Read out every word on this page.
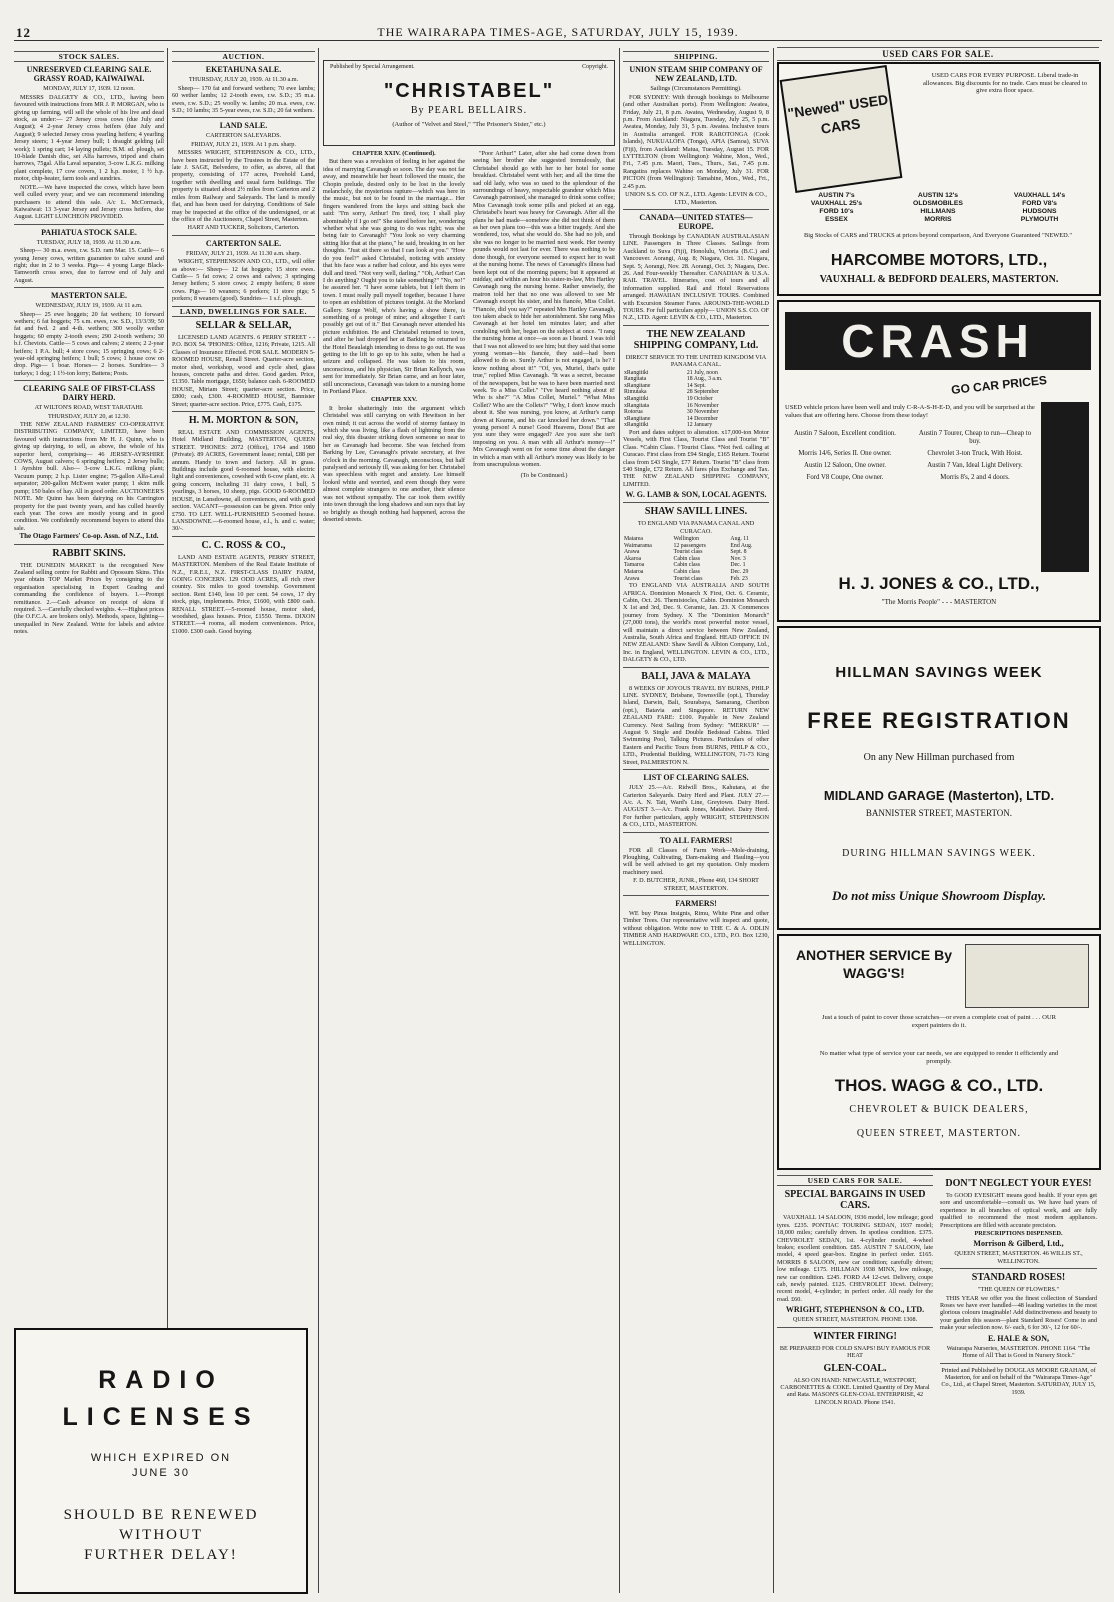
12	THE WAIRARAPA TIMES-AGE, SATURDAY, JULY 15, 1939.
STOCK SALES.
UNRESERVED CLEARING SALE. GRASSY ROAD, KAIWAIWAI.
MONDAY, JULY 17, 1939. 12 noon.

MESSRS DALGETY & CO., LTD., having been favoured with instructions from MR J. P. MORGAN, who is giving up farming, will sell the whole of his live and dead stock, as under:— 27 Jersey cross cows (due July and August); 4 2-year Jersey cross heifers (due July and August); 9 selected Jersey cross yearling heifers; 4 yearling Jersey steers; 1 4-year Jersey bull; 1 draught gelding (all work); 1 spring cart; 14 laying pullets; B.M. sd. plough, set 10-blade Danish disc, set Alfa harrows, tripod and chain harrows, 75gal. Alfa Laval separator, 3-cow L.K.G. milking plant complete, 17 cow covers, 1 2 h.p. motor, 1 ½ h.p. motor, chip-heater, farm tools and sundries.

NOTE.—We have inspected the cows, which have been well culled every year; and we can recommend intending purchasers to attend this sale. A/c L. McCormack, Kaiwaiwai: 13 3-year Jersey and Jersey cross heifers, due August. LIGHT LUNCHEON PROVIDED.

PAHIATUA STOCK SALE.
TUESDAY, JULY 18, 1939. At 11.30 a.m.

Sheep— 30 m.a. ewes, r.w. S.D. ram Mar. 15. Cattle— 6 young Jersey cows, written guarantee to calve sound and right; due in 2 to 3 weeks. Pigs— 4 young Large Black-Tamworth cross sows, due to farrow end of July and August.

MASTERTON SALE.
WEDNESDAY, JULY 19, 1939. At 11 a.m.

Sheep— 25 ewe hoggets; 20 fat wethers; 10 forward wethers; 6 fat hoggets; 75 s.m. ewes, r.w. S.D., 13/3/39; 50 fat and fwd. 2 and 4-th. wethers; 300 woolly wether hoggets; 60 empty 2-tooth ewes; 290 2-tooth wethers; 30 b.f. Cheviots. Cattle— 5 cows and calves; 2 steers; 2 2-year heifers; 1 P.A. bull; 4 store cows; 15 springing cows; 6 2-year-old springing heifers; 1 bull; 5 cows; 1 house cow on drop. Pigs— 1 boar. Horses— 2 horses. Sundries— 3 turkeys; 1 dog; 1 1½-ton lorry; Battens; Posts.

CLEARING SALE OF FIRST-CLASS DAIRY HERD.
AT WILTON'S ROAD, WEST TARATAHI.
THURSDAY, JULY 20, at 12.30.

THE NEW ZEALAND FARMERS' CO-OPERATIVE DISTRIBUTING COMPANY, LIMITED, have been favoured with instructions from Mr H. J. Quinn, who is giving up dairying, to sell, as above, the whole of his superior herd, comprising— 46 JERSEY-AYRSHIRE COWS, August calvers; 6 springing heifers; 2 Jersey bulls; 1 Ayrshire bull. Also— 3-cow L.K.G. milking plant; Vacuum pump; 2 h.p. Lister engine; 75-gallon Alfa-Laval separator; 200-gallon McEwen water pump; 1 skim milk pump; 150 bales of hay. All in good order. AUCTIONEER'S NOTE. Mr Quinn has been dairying on his Carrington property for the past twenty years, and has culled heavily each year. The cows are mostly young and in good condition. We confidently recommend buyers to attend this sale.

The Otago Farmers' Co-op. Assn. of N.Z., Ltd.
RABBIT SKINS.

THE DUNEDIN MARKET is the recognised New Zealand selling centre for Rabbit and Opossum Skins. This year obtain TOP Market Prices by consigning to the organisation specialising in Expert Grading and commanding the confidence of buyers. 1.—Prompt remittance. 2.—Cash advance on receipt of skins if required. 3.—Carefully checked weights. 4.—Highest prices (the O.F.C.A. are brokers only). Methods, space, lighting—unequalled in New Zealand. Write for labels and advice notes.

RADIO
LICENSES
WHICH EXPIRED ON
JUNE 30
SHOULD BE RENEWED
WITHOUT
FURTHER DELAY!
AUCTION.
EKETAHUNA SALE.
THURSDAY, JULY 20, 1939. At 11.30 a.m.

Sheep— 170 fat and forward wethers; 70 ewe lambs; 60 wether lambs; 12 2-tooth ewes, r.w. S.D.; 35 m.a. ewes, r.w. S.D.; 25 woolly w. lambs; 20 m.a. ewes, r.w. S.D.; 10 lambs; 35 5-year ewes, r.w. S.D.; 20 fat wethers.

LAND SALE.
CARTERTON SALEYARDS.
FRIDAY, JULY 21, 1939. At 1 p.m. sharp.

MESSRS WRIGHT, STEPHENSON & CO., LTD., have been instructed by the Trustees in the Estate of the late J. SAGE, Belvedere, to offer, as above, all that property, consisting of 177 acres, Freehold Land, together with dwelling and usual farm buildings. The property is situated about 2½ miles from Carterton and 2 miles from Railway and Saleyards. The land is mostly flat, and has been used for dairying. Conditions of Sale may be inspected at the office of the undersigned, or at the office of the Auctioneers, Chapel Street, Masterton.

HART AND TUCKER, Solicitors, Carterton.
CARTERTON SALE.
FRIDAY, JULY 21, 1939. At 11.30 a.m. sharp.

WRIGHT, STEPHENSON AND CO., LTD., will offer as above:— Sheep— 12 fat hoggets; 15 store ewes. Cattle— 5 fat cows; 2 cows and calves; 3 springing Jersey heifers; 5 store cows; 2 empty heifers; 8 store cows. Pigs— 10 weaners; 6 porkers; 11 store pigs; 5 porkers; 8 weaners (good). Sundries— 1 s.f. plough.

LAND, DWELLINGS FOR SALE.
SELLAR & SELLAR,

LICENSED LAND AGENTS. 6 PERRY STREET - - P.O. BOX 54. 'PHONES: Office, 1216; Private, 1215. All Classes of Insurance Effected. FOR SALE. MODERN 5-ROOMED HOUSE, Renall Street. Quarter-acre section, motor shed, workshop, wood and cycle shed, glass houses, concrete paths and drive. Good garden. Price, £1350. Table mortgage, £650; balance cash. 6-ROOMED HOUSE, Miriam Street; quarter-acre section. Price, £800; cash, £300. 4-ROOMED HOUSE, Bannister Street; quarter-acre section. Price, £775. Cash, £175.

H. M. MORTON & SON,

REAL ESTATE AND COMMISSION AGENTS, Hotel Midland Building, MASTERTON, QUEEN STREET. 'PHONES: 2072 (Office), 1764 and 1980 (Private). 89 ACRES, Government lease; rental, £88 per annum. Handy to town and factory. All in grass. Buildings include good 6-roomed house, with electric light and conveniences, cowshed with 6-cow plant, etc. A going concern, including 31 dairy cows, 1 bull, 5 yearlings, 3 horses, 10 sheep, pigs. GOOD 6-ROOMED HOUSE, in Lansdowne, all conveniences, and with good section. VACANT—possession can be given. Price only £750. TO LET. WELL-FURNISHED 5-roomed house. LANSDOWNE.—6-roomed house, e.l., h. and c. water; 30/-.

C. C. ROSS & CO.,

LAND AND ESTATE AGENTS, PERRY STREET, MASTERTON. Members of the Real Estate Institute of N.Z., F.R.E.I., N.Z. FIRST-CLASS DAIRY FARM, GOING CONCERN. 129 ODD ACRES, all rich river country. Six miles to good township. Government section. Rent £140, less 10 per cent. 54 cows, 17 dry stock, pigs, implements. Price, £1600, with £800 cash. RENALL STREET.—5-roomed house, motor shed, woodshed, glass houses. Price, £1550. Terms. DIXON STREET.—4 rooms, all modern conveniences. Price, £1000. £300 cash. Good buying.

Published by Special Arrangement.	Copyright.
"CHRISTABEL"
By PEARL BELLAIRS.
(Author of "Velvet and Steel," "The Prisoner's Sister," etc.)
CHAPTER XXIV. (Continued).

But there was a revulsion of feeling in her against the idea of marrying Cavanagh so soon. The day was not far away, and meanwhile her heart followed the music, the Chopin prelude, desired only to be lost in the lovely melancholy, the mysterious rapture—which was here in the music, but not to be found in the marriage... Her fingers wandered from the keys and sitting back she said: "I'm sorry, Arthur! I'm tired, too; I shall play abominably if I go on!" She stared before her, wondering whether what she was going to do was right; was she being fair to Cavanagh? "You look so very charming sitting like that at the piano," he said, breaking in on her thoughts. "Just sit there so that I can look at you." "How do you feel?" asked Christabel, noticing with anxiety that his face was a rather bad colour, and his eyes were dull and tired. "Not very well, darling." "Oh, Arthur! Can I do anything? Ought you to take something?" "No, no!" he assured her. "I have some tablets, but I left them in town. I must really pull myself together, because I have to open an exhibition of pictures tonight. At the Morland Gallery. Serge Wolf, who's having a show there, is something of a protege of mine; and altogether I can't possibly get out of it." But Cavanagh never attended his picture exhibition. He and Christabel returned to town, and after he had dropped her at Barking he returned to the Hotel Beaulaigh intending to dress to go out. He was getting to the lift to go up to his suite, when he had a seizure and collapsed. He was taken to his room, unconscious, and his physician, Sir Brian Kellynch, was sent for immediately. Sir Brian came, and an hour later, still unconscious, Cavanagh was taken to a nursing home in Portland Place.

CHAPTER XXV.

It broke shatteringly into the argument which Christabel was still carrying on with Hewitson in her own mind; it cut across the world of stormy fantasy in which she was living, like a flash of lightning from the real sky, this disaster striking down someone so near to her as Cavanagh had become. She was fetched from Barking by Lee, Cavanagh's private secretary, at five o'clock in the morning. Cavanagh, unconscious, but half paralysed and seriously ill, was asking for her. Christabel was speechless with regret and anxiety. Lee himself looked white and worried, and even though they were almost complete strangers to one another, their silence was not without sympathy. The car took them swiftly into town through the long shadows and sun rays that lay so brightly as though nothing had happened, across the deserted streets.

"Poor Arthur!" Later, after she had come down from seeing her brother she suggested tremulously, that Christabel should go with her to her hotel for some breakfast. Christabel went with her; and all the time the sad old lady, who was so used to the splendour of the surroundings of heavy, respectable grandeur which Miss Cavanagh patronised, she managed to drink some coffee; Miss Cavanagh took some pills and picked at an egg. Christabel's heart was heavy for Cavanagh. After all the plans he had made—somehow she did not think of them as her own plans too—this was a bitter tragedy. And she wondered, too, what she would do. She had no job, and she was no longer to be married next week. Her twenty pounds would not last for ever. There was nothing to be done though, for everyone seemed to expect her to wait at the nursing home. The news of Cavanagh's illness had been kept out of the morning papers; but it appeared at midday, and within an hour his sister-in-law, Mrs Hartley Cavanagh rang the nursing home. Rather unwisely, the matron told her that no one was allowed to see Mr Cavanagh except his sister, and his fiancée, Miss Collet. "Fiancée, did you say?" repeated Mrs Hartley Cavanagh, too taken aback to hide her astonishment. She rang Miss Cavanagh at her hotel ten minutes later; and after condoling with her, began on the subject at once. "I rang the nursing home at once—as soon as I heard. I was told that I was not allowed to see him; but they said that some young woman—his fiancée, they said—had been allowed to do so. Surely Arthur is not engaged, is he? I know nothing about it!" "Of, yes, Muriel, that's quite true," replied Miss Cavanagh. "It was a secret, because of the newspapers, but he was to have been married next week. To a Miss Collet." "I've heard nothing about it! Who is she?" "A Miss Collet, Muriel." "What Miss Collet? Who are the Collets?" "Why, I don't know much about it. She was nursing, you know, at Arthur's camp down at Kearne, and his car knocked her down." "That young person! A nurse! Good Heavens, Dora! But are you sure they were engaged? Are you sure she isn't imposing on you. A man with all Arthur's money—!" Mrs Cavanagh went on for some time about the danger in which a man with all Arthur's money was likely to be from unscrupulous women.

(To be Continued.)
SHIPPING.
UNION STEAM SHIP COMPANY OF NEW ZEALAND, LTD.
Sailings (Circumstances Permitting).

FOR SYDNEY: With through bookings to Melbourne (and other Australian ports). From Wellington: Awatea, Friday, July 21, 8 p.m. Awatea, Wednesday, August 9, 8 p.m. From Auckland: Niagara, Tuesday, July 25, 5 p.m. Awatea, Monday, July 31, 5 p.m. Awatea. Inclusive tours in Australia arranged. FOR RAROTONGA (Cook Islands), NUKUALOFA (Tonga), APIA (Samoa), SUVA (Fiji), from Auckland: Matua, Tuesday, August 15. FOR LYTTELTON (from Wellington): Wahine, Mon., Wed., Fri., 7.45 p.m. Maori, Tues., Thurs., Sat., 7.45 p.m. Rangatira replaces Wahine on Monday, July 31. FOR PICTON (from Wellington): Tamahine, Mon., Wed., Fri., 2.45 p.m.

UNION S.S. CO. OF N.Z., LTD. Agents: LEVIN & CO., LTD., Masterton.
CANADA—UNITED STATES—EUROPE.

Through Bookings by CANADIAN AUSTRALASIAN LINE. Passengers in Three Classes. Sailings from Auckland to Suva (Fiji), Honolulu, Victoria (B.C.) and Vancouver. Aorangi, Aug. 8; Niagara, Oct. 31. Niagara, Sept. 5; Aorangi, Nov. 28. Aorangi, Oct. 3; Niagara, Dec. 26. And Four-weekly Thereafter. CANADIAN & U.S.A. RAIL TRAVEL. Itineraries, cost of tours and all information supplied. Rail and Hotel Reservations arranged. HAWAIIAN INCLUSIVE TOURS. Combined with Excursion Steamer Fares. AROUND-THE-WORLD TOURS. For full particulars apply— UNION S.S. CO. OF N.Z., LTD. Agent: LEVIN & CO., LTD., Masterton.

THE NEW ZEALAND SHIPPING COMPANY, Ltd.
DIRECT SERVICE TO THE UNITED KINGDOM VIA PANAMA CANAL.
xRangitiki	21 July, noon
Rangitata	18 Aug., 3 a.m.
xRangitane	14 Sept.
Rimutaka	28 September
xRangitiki	19 October
xRangitata	16 November
Rotorua	30 November
xRangitane	14 December
xRangitiki	12 January

Port and dates subject to alteration. x17,000-ton Motor Vessels, with First Class, Tourist Class and Tourist "B" Class. *Cabin Class. †Tourist Class. *Not fwd. calling at Curacao. First class from £94 Single, £165 Return. Tourist class from £43 Single, £77 Return. Tourist "B" class from £40 Single, £72 Return. All fares plus Exchange and Tax. THE NEW ZEALAND SHIPPING COMPANY, LIMITED.

W. G. LAMB & SON, LOCAL AGENTS.
SHAW SAVILL LINES.
TO ENGLAND VIA PANAMA CANAL AND CURACAO.
Matarea	Wellington	Aug. 11
Waimarama	12 passengers	End Aug.
Arawa	Tourist class	Sept. 8
Akaroa	Cabin class	Nov. 3
Tamaroa	Cabin class	Dec. 1
Mataroa	Cabin class	Dec. 29
Arawa	Tourist class	Feb. 23

TO ENGLAND VIA AUSTRALIA AND SOUTH AFRICA. Dominion Monarch X First, Oct. 6. Ceramic, Cabin, Oct. 26. Themistocles, Cabin. Dominion Monarch X 1st and 3rd, Dec. 9. Ceramic, Jan. 23. X Commences journey from Sydney. X The "Dominion Monarch" (27,000 tons), the world's most powerful motor vessel, will maintain a direct service between New Zealand, Australia, South Africa and England. HEAD OFFICE IN NEW ZEALAND: Shaw Savill & Albion Company, Ltd., Inc. in England, WELLINGTON. LEVIN & CO., LTD., DALGETY & CO., LTD.

BALI, JAVA & MALAYA

8 WEEKS OF JOYOUS TRAVEL BY BURNS, PHILP LINE. SYDNEY, Brisbane, Townsville (opt.), Thursday Island, Darwin, Bali, Sourabaya, Samarang, Cheribon (opt.), Batavia and Singapore. RETURN NEW ZEALAND FARE: £100. Payable in New Zealand Currency. Next Sailing from Sydney: "MERKUR" — August 9. Single and Double Bedstead Cabins. Tiled Swimming Pool, Talking Pictures. Particulars of other Eastern and Pacific Tours from BURNS, PHILP & CO., LTD., Prudential Building, WELLINGTON, 71-73 King Street, PALMERSTON N.

LIST OF CLEARING SALES.

JULY 25.—A/c. Ridwill Bros., Kahutara, at the Carterton Saleyards. Dairy Herd and Plant. JULY 27.—A/c. A. N. Tait, Ward's Line, Greytown. Dairy Herd. AUGUST 3.—A/c. Frank Jones, Matahiwi. Dairy Herd. For further particulars, apply WRIGHT, STEPHENSON & CO., LTD., MASTERTON.

TO ALL FARMERS!

FOR all Classes of Farm Work—Mole-draining, Ploughing, Cultivating, Dam-making and Hauling—you will be well advised to get my quotation. Only modern machinery used.

F. D. BUTCHER, JUNR., Phone 460, 134 SHORT STREET, MASTERTON.
FARMERS!

WE buy Pinus Insignis, Rimu, White Pine and other Timber Trees. Our representative will inspect and quote, without obligation. Write now to THE C. & A. ODLIN TIMBER AND HARDWARE CO., LTD., P.O. Box 1230, WELLINGTON.

USED CARS FOR SALE.
"Newed" USED CARS
USED CARS FOR EVERY PURPOSE. Liberal trade-in allowances. Big discounts for no trade. Cars must be cleared to give extra floor space.
AUSTIN 7's	AUSTIN 12's	VAUXHALL 14's
VAUXHALL 25's	OLDSMOBILES	FORD V8's
FORD 10's	HILLMANS	HUDSONS
ESSEX	MORRIS	PLYMOUTH
Big Stocks of CARS and TRUCKS at prices beyond comparison, And Everyone Guaranteed "NEWED."
HARCOMBE MOTORS, LTD.,
VAUXHALL & BEDFORD DEALERS, MASTERTON.
CRASH
GO CAR PRICES
USED vehicle prices have been well and truly C-R-A-S-H-E-D, and you will be surprised at the values that are offering here. Choose from these today!
Austin 7 Saloon, Excellent condition.	Austin 7 Tourer, Cheap to run—Cheap to buy.
Morris 14/6, Series II. One owner.	Chevrolet 3-ton Truck, With Hoist.
Austin 12 Saloon, One owner.	Austin 7 Van, Ideal Light Delivery.
Ford V8 Coupe, One owner.	Morris 8's, 2 and 4 doors.
H. J. JONES & CO., LTD.,
"The Morris People" - - - MASTERTON
HILLMAN SAVINGS WEEK
FREE REGISTRATION
On any New Hillman purchased from
MIDLAND GARAGE (Masterton), LTD.
BANNISTER STREET, MASTERTON.
DURING HILLMAN SAVINGS WEEK.
Do not miss Unique Showroom Display.
ANOTHER SERVICE By WAGG'S!
Just a touch of paint to cover those scratches—or even a complete coat of paint . . . OUR expert painters do it.
No matter what type of service your car needs, we are equipped to render it efficiently and promptly.
THOS. WAGG & CO., LTD.
CHEVROLET & BUICK DEALERS,
QUEEN STREET, MASTERTON.
USED CARS FOR SALE.
SPECIAL BARGAINS IN USED CARS.

VAUXHALL 14 SALOON, 1936 model, low mileage; good tyres. £235. PONTIAC TOURING SEDAN, 1937 model; 18,000 miles; carefully driven. In spotless condition. £375. CHEVROLET SEDAN, 1st. 4-cylinder model, 4-wheel brakes; excellent condition. £85. AUSTIN 7 SALOON, late model, 4 speed gear-box. Engine in perfect order. £165. MORRIS 8 SALOON, new car condition; carefully driven; low mileage. £175. HILLMAN 1938 MINX, low mileage, new car condition. £245. FORD A4 12-cwt. Delivery, coupe cab, newly painted. £125. CHEVROLET 10cwt. Delivery; recent model, 4-cylinder; in perfect order. All ready for the road. £60.

WRIGHT, STEPHENSON & CO., LTD.
QUEEN STREET, MASTERTON. PHONE 1308.
WINTER FIRING!
BE PREPARED FOR COLD SNAPS! BUY FAMOUS FOR HEAT
GLEN-COAL.
ALSO ON HAND: NEWCASTLE, WESTPORT, CARBONETTES & COKE. Limited Quantity of Dry Maral and Rata. MASON'S GLEN-COAL ENTERPRISE, 42 LINCOLN ROAD. Phone 1541.
DON'T NEGLECT YOUR EYES!

To GOOD EYESIGHT means good health. If your eyes get sore and uncomfortable—consult us. We have had years of experience in all branches of optical work, and are fully qualified to recommend the most modern appliances. Prescriptions are filled with accurate precision.

PRESCRIPTIONS DISPENSED.
Morrison & Gilberd, Ltd.,
QUEEN STREET, MASTERTON. 46 WILLIS ST., WELLINGTON.
STANDARD ROSES!
"THE QUEEN OF FLOWERS."

THIS YEAR we offer you the finest collection of Standard Roses we have ever handled—48 leading varieties in the most glorious colours imaginable! Add distinctiveness and beauty to your garden this season—plant Standard Roses! Come in and make your selection now. 6/- each, 6 for 30/-, 12 for 60/-.

E. HALE & SON,
Wairarapa Nurseries, MASTERTON. PHONE 1164. "The Home of All That is Good in Nursery Stock."
Printed and Published by DOUGLAS MOORE GRAHAM, of Masterton, for and on behalf of the "Wairarapa Times-Age" Co., Ltd., at Chapel Street, Masterton. SATURDAY, JULY 15, 1939.
